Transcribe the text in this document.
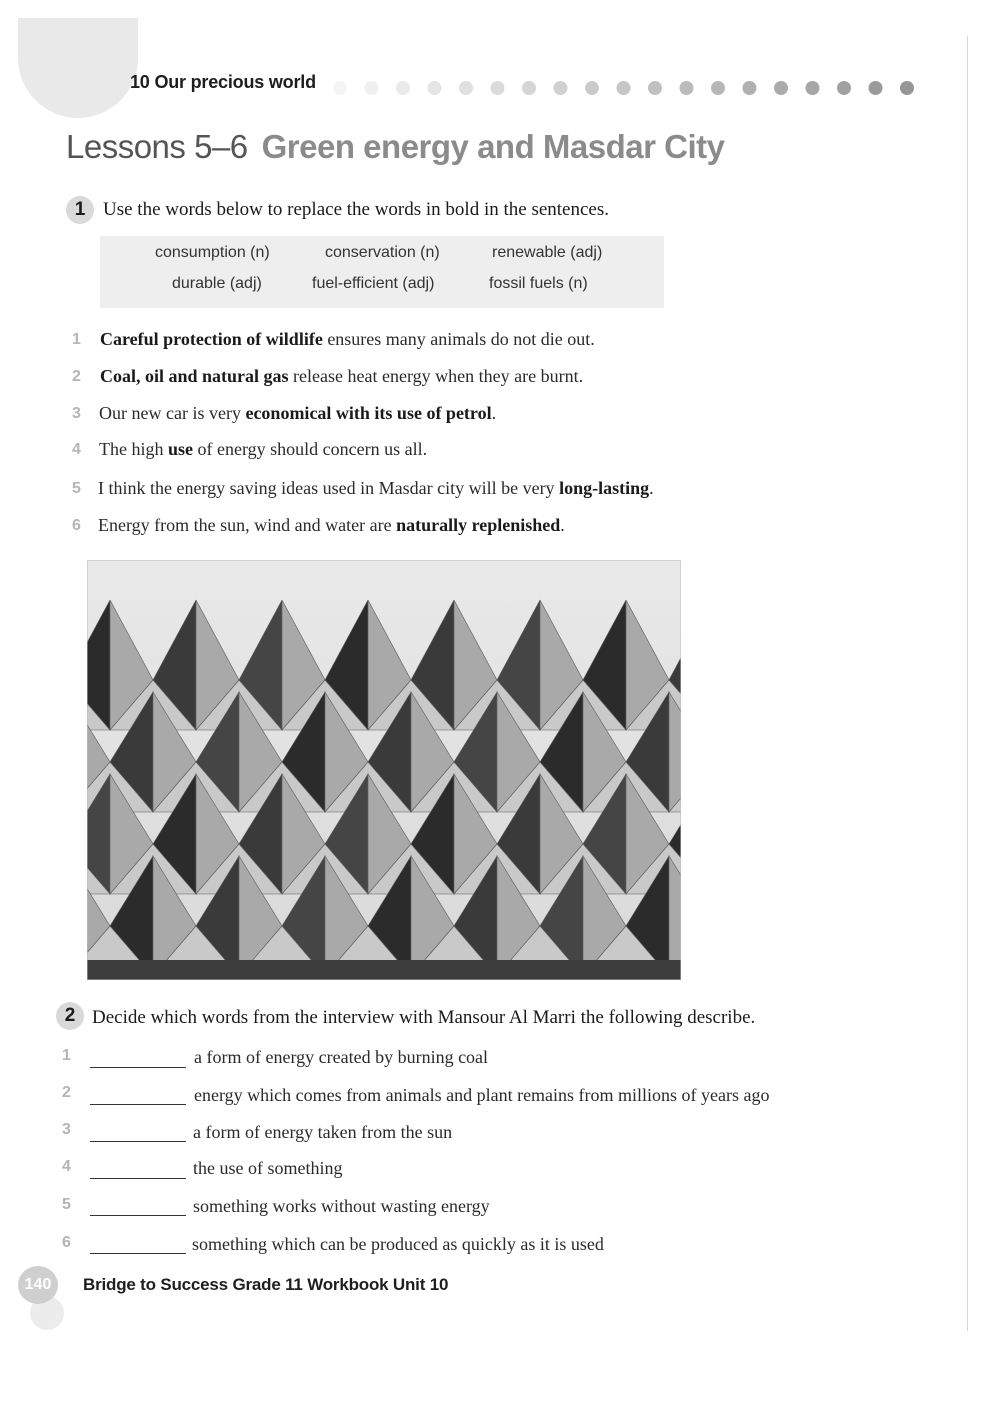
10 Our precious world
Lessons 5–6 Green energy and Masdar City
1 Use the words below to replace the words in bold in the sentences.
consumption (n)	conservation (n)	renewable (adj)
durable (adj)	fuel-efficient (adj)	fossil fuels (n)
1 Careful protection of wildlife ensures many animals do not die out.
2 Coal, oil and natural gas release heat energy when they are burnt.
3 Our new car is very economical with its use of petrol.
4 The high use of energy should concern us all.
5 I think the energy saving ideas used in Masdar city will be very long-lasting.
6 Energy from the sun, wind and water are naturally replenished.
2 Decide which words from the interview with Mansour Al Marri the following describe.
1	a form of energy created by burning coal
2	energy which comes from animals and plant remains from millions of years ago
3	a form of energy taken from the sun
4	the use of something
5	something works without wasting energy
6	something which can be produced as quickly as it is used
140	Bridge to Success Grade 11 Workbook Unit 10
